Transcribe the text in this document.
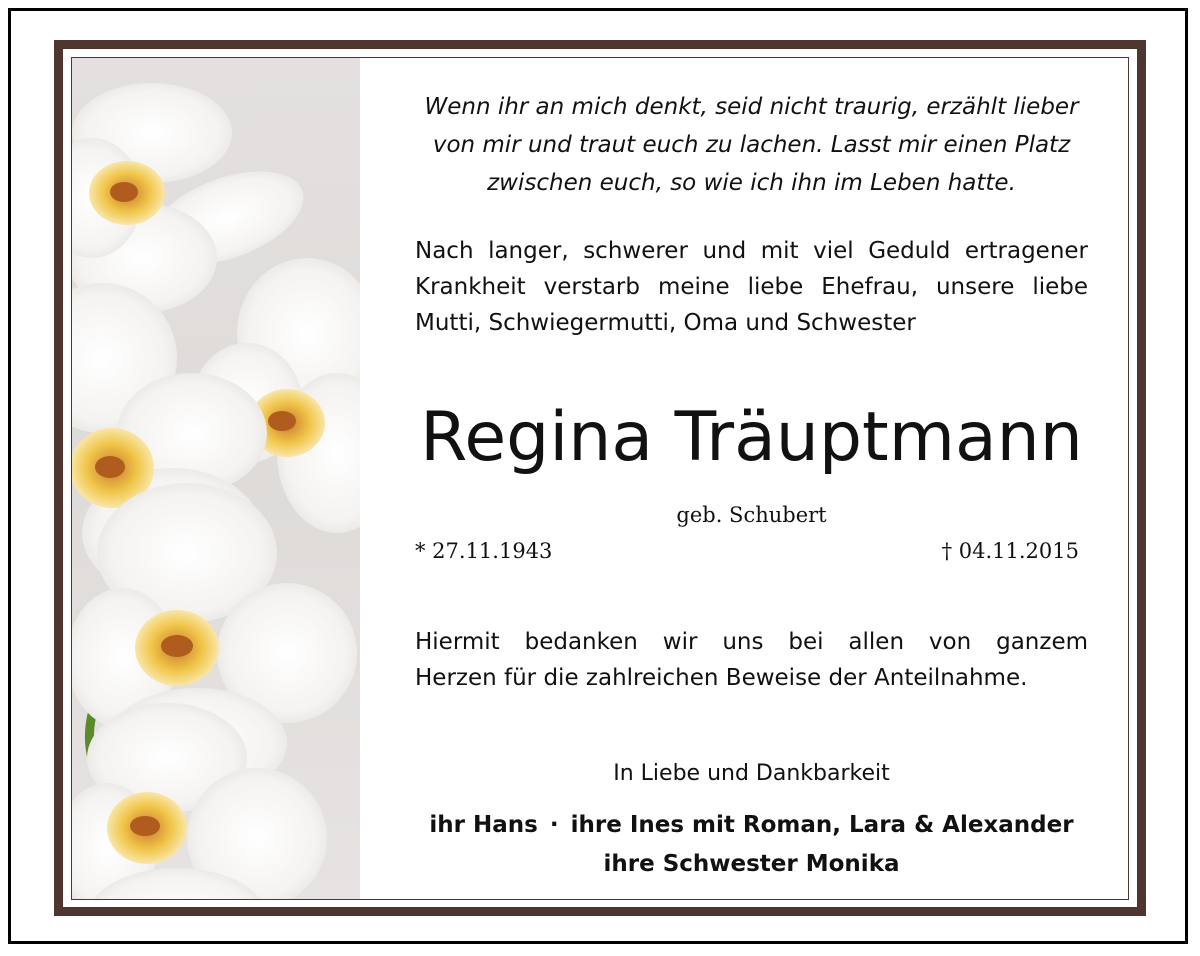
Wenn ihr an mich denkt, seid nicht traurig, erzählt lieber
von mir und traut euch zu lachen. Lasst mir einen Platz
zwischen euch, so wie ich ihn im Leben hatte.
Nach langer, schwerer und mit viel Geduld ertragener
Krankheit verstarb meine liebe Ehefrau, unsere liebe
Mutti, Schwiegermutti, Oma und Schwester
Regina Träuptmann
geb. Schubert
* 27.11.1943	† 04.11.2015
Hiermit bedanken wir uns bei allen von ganzem
Herzen für die zahlreichen Beweise der Anteilnahme.
In Liebe und Dankbarkeit
ihr Hans · ihre Ines mit Roman, Lara & Alexander
ihre Schwester Monika
